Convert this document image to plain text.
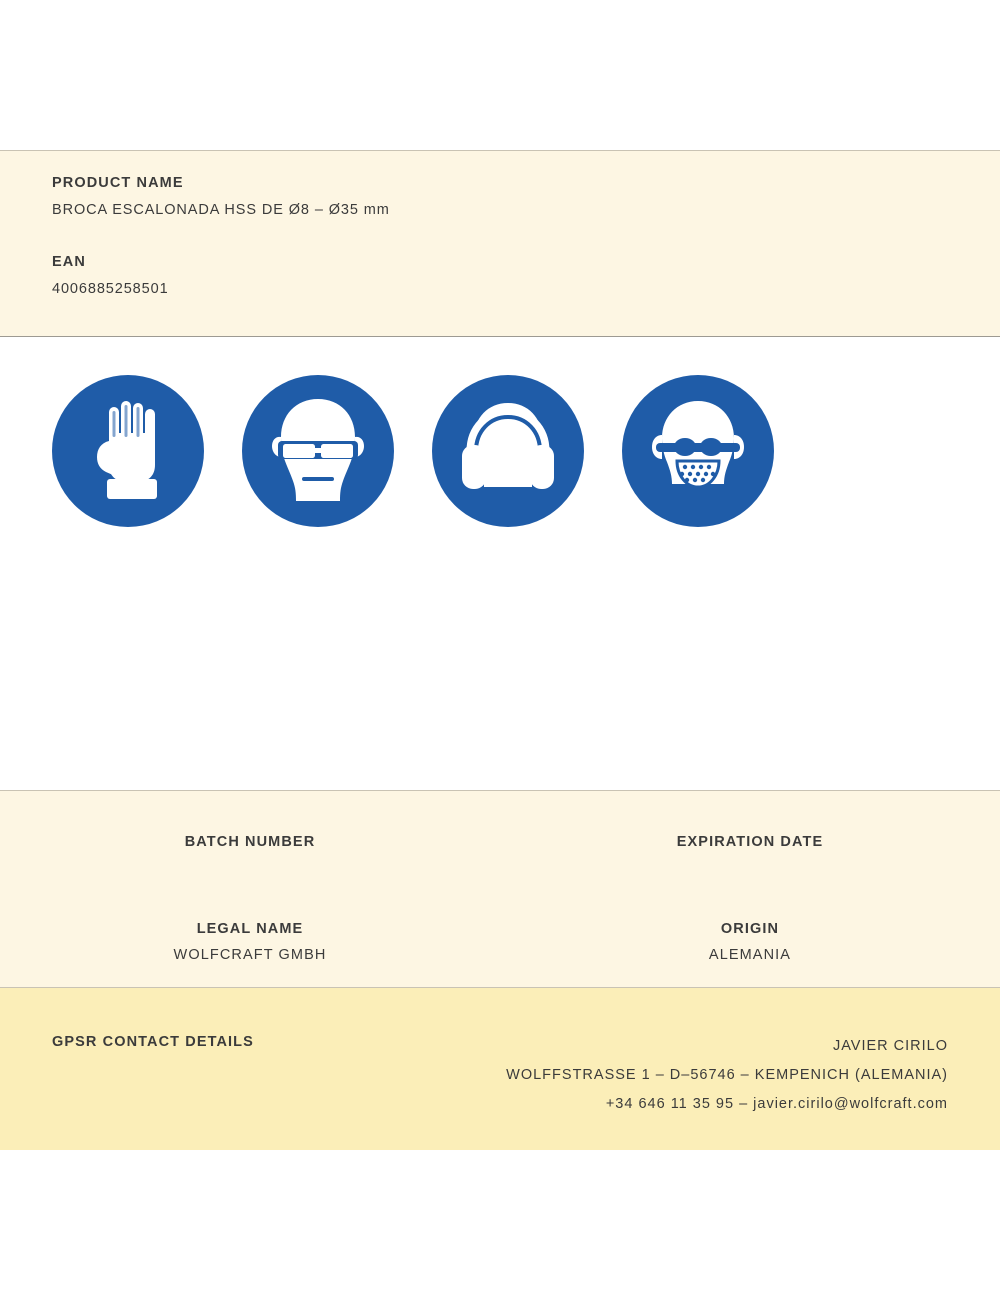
PRODUCT NAME
BROCA ESCALONADA HSS DE Ø8 – Ø35 mm
EAN
4006885258501
BATCH NUMBER	EXPIRATION DATE
LEGAL NAME
WOLFCRAFT GMBH
ORIGIN
ALEMANIA
GPSR CONTACT DETAILS	JAVIER CIRILO
WOLFFSTRASSE 1 – D–56746 – KEMPENICH (ALEMANIA)
+34 646 11 35 95 – javier.cirilo@wolfcraft.com
